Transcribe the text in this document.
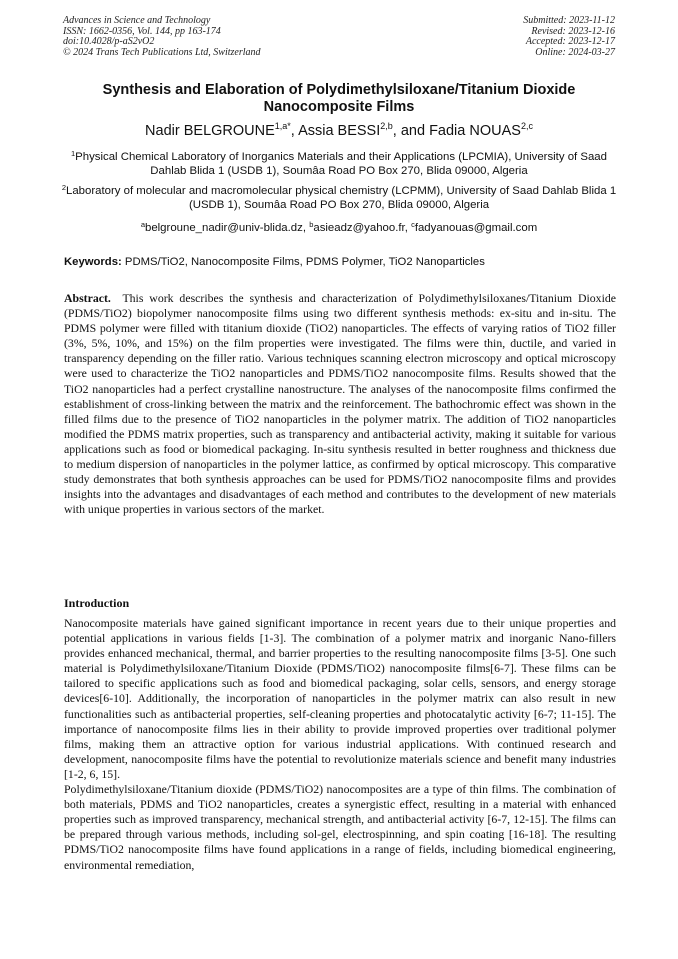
Advances in Science and Technology
ISSN: 1662-0356, Vol. 144, pp 163-174
doi:10.4028/p-aS2vO2
© 2024 Trans Tech Publications Ltd, Switzerland
Submitted: 2023-11-12
Revised: 2023-12-16
Accepted: 2023-12-17
Online: 2024-03-27
Synthesis and Elaboration of Polydimethylsiloxane/Titanium Dioxide Nanocomposite Films
Nadir $BELGROUNE^{1,a*}$, Assia BESSI$^{2,b}$, and Fadia NOUAS$^{2,c}$
$^1$Physical Chemical Laboratory of Inorganics Materials and their Applications (LPCMIA), University of Saad Dahlab Blida 1 (USDB 1), Soumâa Road PO Box 270, Blida 09000, Algeria
$^2$Laboratory of molecular and macromolecular physical chemistry (LCPMM), University of Saad Dahlab Blida 1 (USDB 1), Soumâa Road PO Box 270, Blida 09000, Algeria
$^a$belgroune_nadir@univ-blida.dz, $^b$asieadz@yahoo.fr, $^c$fadyanouas@gmail.com
Keywords: PDMS/TiO2, Nanocomposite Films, PDMS Polymer, TiO2 Nanoparticles

Abstract. This work describes the synthesis and characterization of Polydimethylsiloxanes/Titanium Dioxide (PDMS/TiO2) biopolymer nanocomposite films using two different synthesis methods: ex-situ and in-situ. The PDMS polymer were filled with titanium dioxide (TiO2) nanoparticles. The effects of varying ratios of TiO2 filler (3%, 5%, 10%, and 15%) on the film properties were investigated. The films were thin, ductile, and varied in transparency depending on the filler ratio. Various techniques scanning electron microscopy and optical microscopy were used to characterize the TiO2 nanoparticles and PDMS/TiO2 nanocomposite films. Results showed that the TiO2 nanoparticles had a perfect crystalline nanostructure. The analyses of the nanocomposite films confirmed the establishment of cross-linking between the matrix and the reinforcement. The bathochromic effect was shown in the filled films due to the presence of TiO2 nanoparticles in the polymer matrix. The addition of TiO2 nanoparticles modified the PDMS matrix properties, such as transparency and antibacterial activity, making it suitable for various applications such as food or biomedical packaging. In-situ synthesis resulted in better roughness and thickness due to medium dispersion of nanoparticles in the polymer lattice, as confirmed by optical microscopy. This comparative study demonstrates that both synthesis approaches can be used for PDMS/TiO2 nanocomposite films and provides insights into the advantages and disadvantages of each method and contributes to the development of new materials with unique properties in various sectors of the market.

Introduction

Nanocomposite materials have gained significant importance in recent years due to their unique properties and potential applications in various fields [1-3]. The combination of a polymer matrix and inorganic Nano-fillers provides enhanced mechanical, thermal, and barrier properties to the resulting nanocomposite films [3-5]. One such material is Polydimethylsiloxane/Titanium Dioxide (PDMS/TiO2) nanocomposite films[6-7]. These films can be tailored to specific applications such as food and biomedical packaging, solar cells, sensors, and energy storage devices[6-10]. Additionally, the incorporation of nanoparticles in the polymer matrix can also result in new functionalities such as antibacterial properties, self-cleaning properties and photocatalytic activity [6-7; 11-15]. The importance of nanocomposite films lies in their ability to provide improved properties over traditional polymer films, making them an attractive option for various industrial applications. With continued research and development, nanocomposite films have the potential to revolutionize materials science and benefit many industries [1-2, 6, 15].

Polydimethylsiloxane/Titanium dioxide (PDMS/TiO2) nanocomposites are a type of thin films. The combination of both materials, PDMS and TiO2 nanoparticles, creates a synergistic effect, resulting in a material with enhanced properties such as improved transparency, mechanical strength, and antibacterial activity [6-7, 12-15]. The films can be prepared through various methods, including sol-gel, electrospinning, and spin coating [16-18]. The resulting PDMS/TiO2 nanocomposite films have found applications in a range of fields, including biomedical engineering, environmental remediation,
